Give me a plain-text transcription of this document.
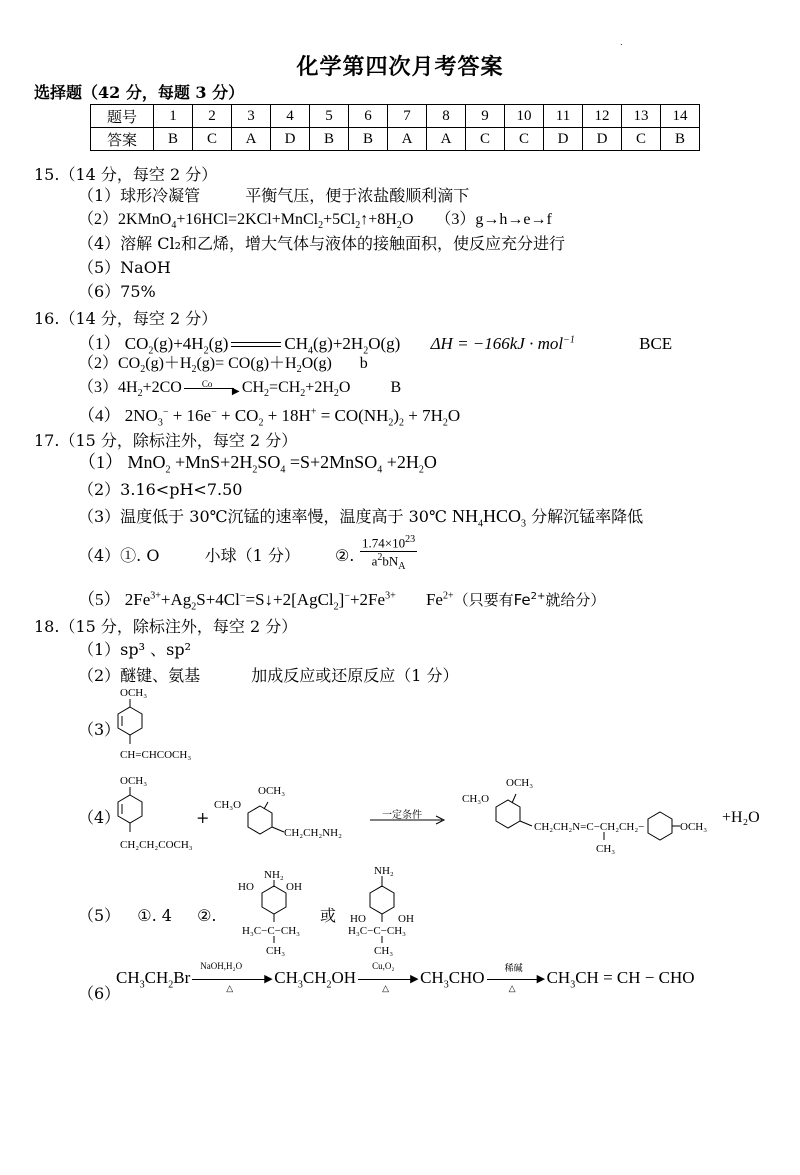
.
化学第四次月考答案
选择题（42 分，每题 3 分）
题号	1	2	3	4	5	6	7	8	9	10	11	12	13	14
答案	B	C	A	D	B	B	A	A	C	C	D	D	C	B
15.（14 分，每空 2 分）
（1）球形冷凝管	平衡气压，便于浓盐酸顺利滴下
$(2)2KMnO_4+16HCl=2KCl+MnCl_2+5Cl_2↑+8H_2O$ （3）g→h→e→f
（4）溶解 Cl₂和乙烯，增大气体与液体的接触面积，使反应充分进行
（5）NaOH
（6）75%
16.（14 分，每空 2 分）
（1） $CO_2(g)+4H_2(g)$	$CH_4(g)+2H_2O(g) \Delta H = -166kJ \cdot mol^{-1}$	BCE
$(2)CO_2(g)+H_2(g)= CO(g)+H_2O(g)$ b
$(3)4H_2+2CO$ Co
▶ $CH_2=CH_2+2H_2O$	B
（4） $2NO_3^- + 16e^- + CO_2 + 18H^+ = CO(NH_2)_2 + 7H_2O$
17.（15 分，除标注外，每空 2 分）
（1） $MnO_2 +MnS+2H_2SO_4$ =S+2MnSO$_4$ $+2H_2O$
（2）3.16<pH<7.50
（3）温度低于 30℃沉锰的速率慢，温度高于 30℃ $NH_4HCO_3$ 分解沉锰率降低
（4）①. O	小球（1 分） ②.
$1.74\times 10^{23}$
$a^2bN_A$
（5） $2Fe^{3+}+Ag_2S+4Cl^-=S↓+2[AgCl_2]^-+2Fe^{3+}$ $Fe^{2+}$（只要有$Fe^{2+}$就给分）
18.（15 分，除标注外，每空 2 分）
（1）sp³ 、sp²
（2）醚键、氨基	加成反应或还原反应（1 分）
（3）
OCH₃
CH=CHCOCH₃
（4）
OCH₃
CH₂CH₂COCH₃
+
CH₃O
OCH₃
CH₂CH₂NH₂
一定条件
CH₃O
OCH₃
CH₂CH₂N=C−CH₂CH₂−
CH₃
OCH₃
+H₂O
（5） ①. 4 ②.
NH₂
HO	OH
H₃C−C−CH₃
CH₃
或
NH₂
HO	OH
H₃C−C−CH₃
CH₃
（6）
$CH_3CH_2Br$
NaOH,H₂O
▶
△
$CH_3CH_2OH$
Cu,O₂
▶
△
$CH_3CHO$ 稀碱
▶
△
$CH_3CH$ = CH − CHO
